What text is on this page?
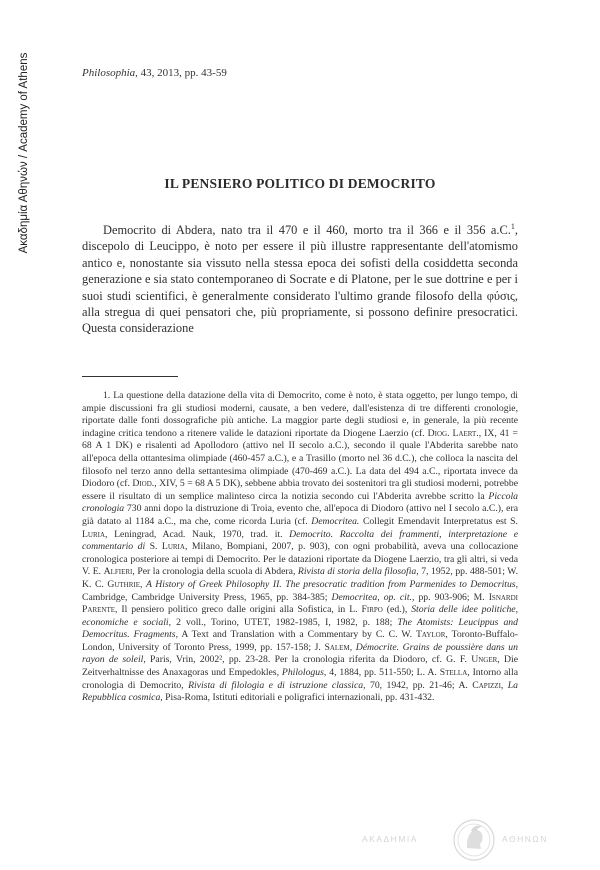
Ακαδημία Αθηνών / Academy of Athens	Philosophia, 43, 2013, pp. 43-59
IL PENSIERO POLITICO DI DEMOCRITO

Democrito di Abdera, nato tra il 470 e il 460, morto tra il 366 e il 356 a.C.$^1$, discepolo di Leucippo, è noto per essere il più illustre rappresentante dell'atomismo antico e, nonostante sia vissuto nella stessa epoca dei sofisti della cosiddetta seconda generazione e sia stato contemporaneo di Socrate e di Platone, per le sue dottrine e per i suoi studi scientifici, è generalmente considerato l'ultimo grande filosofo della φύσις, alla stregua di quei pensatori che, più propriamente, si possono definire presocratici. Questa considerazione

1. La questione della datazione della vita di Democrito, come è noto, è stata oggetto, per lungo tempo, di ampie discussioni fra gli studiosi moderni, causate, a ben vedere, dall'esistenza di tre differenti cronologie, riportate dalle fonti dossografiche più antiche. La maggior parte degli studiosi e, in generale, la più recente indagine critica tendono a ritenere valide le datazioni riportate da Diogene Laerzio (cf. Diog. Laert., IX, 41 = 68 A 1 DK) e risalenti ad Apollodoro (attivo nel II secolo a.C.), secondo il quale l'Abderita sarebbe nato all'epoca della ottantesima olimpiade (460-457 a.C.), e a Trasillo (morto nel 36 d.C.), che colloca la nascita del filosofo nel terzo anno della settantesima olimpiade (470-469 a.C.). La data del 494 a.C., riportata invece da Diodoro (cf. Diod., XIV, 5 = 68 A 5 DK), sebbene abbia trovato dei sostenitori tra gli studiosi moderni, potrebbe essere il risultato di un semplice malinteso circa la notizia secondo cui l'Abderita avrebbe scritto la Piccola cronologia 730 anni dopo la distruzione di Troia, evento che, all'epoca di Diodoro (attivo nel I secolo a.C.), era già datato al 1184 a.C., ma che, come ricorda Luria (cf. Democritea. Collegit Emendavit Interpretatus est S. Luria, Leningrad, Acad. Nauk, 1970, trad. it. Democrito. Raccolta dei frammenti, interpretazione e commentario di S. Luria, Milano, Bompiani, 2007, p. 903), con ogni probabilità, aveva una collocazione cronologica posteriore ai tempi di Democrito. Per le datazioni riportate da Diogene Laerzio, tra gli altri, si veda V. E. Alfieri, Per la cronologia della scuola di Abdera, Rivista di storia della filosofia, 7, 1952, pp. 488-501; W. K. C. Guthrie, A History of Greek Philosophy II. The presocratic tradition from Parmenides to Democritus, Cambridge, Cambridge University Press, 1965, pp. 384-385; Democritea, op. cit., pp. 903-906; M. Isnardi Parente, Il pensiero politico greco dalle origini alla Sofistica, in L. Firpo (ed.), Storia delle idee politiche, economiche e sociali, 2 voll., Torino, UTET, 1982-1985, I, 1982, p. 188; The Atomists: Leucippus and Democritus. Fragments, A Text and Translation with a Commentary by C. C. W. Taylor, Toronto-Buffalo-London, University of Toronto Press, 1999, pp. 157-158; J. Salem, Démocrite. Grains de poussière dans un rayon de soleil, Paris, Vrin, 2002², pp. 23-28. Per la cronologia riferita da Diodoro, cf. G. F. Unger, Die Zeitverhaltnisse des Anaxagoras und Empedokles, Philologus, 4, 1884, pp. 511-550; L. A. Stella, Intorno alla cronologia di Democrito, Rivista di filologia e di istruzione classica, 70, 1942, pp. 21-46; A. Capizzi, La Repubblica cosmica, Pisa-Roma, Istituti editoriali e poligrafici internazionali, pp. 431-432.

ΑΚΑΔΗΜΙΑ	ΑΘΗΝΩΝ
